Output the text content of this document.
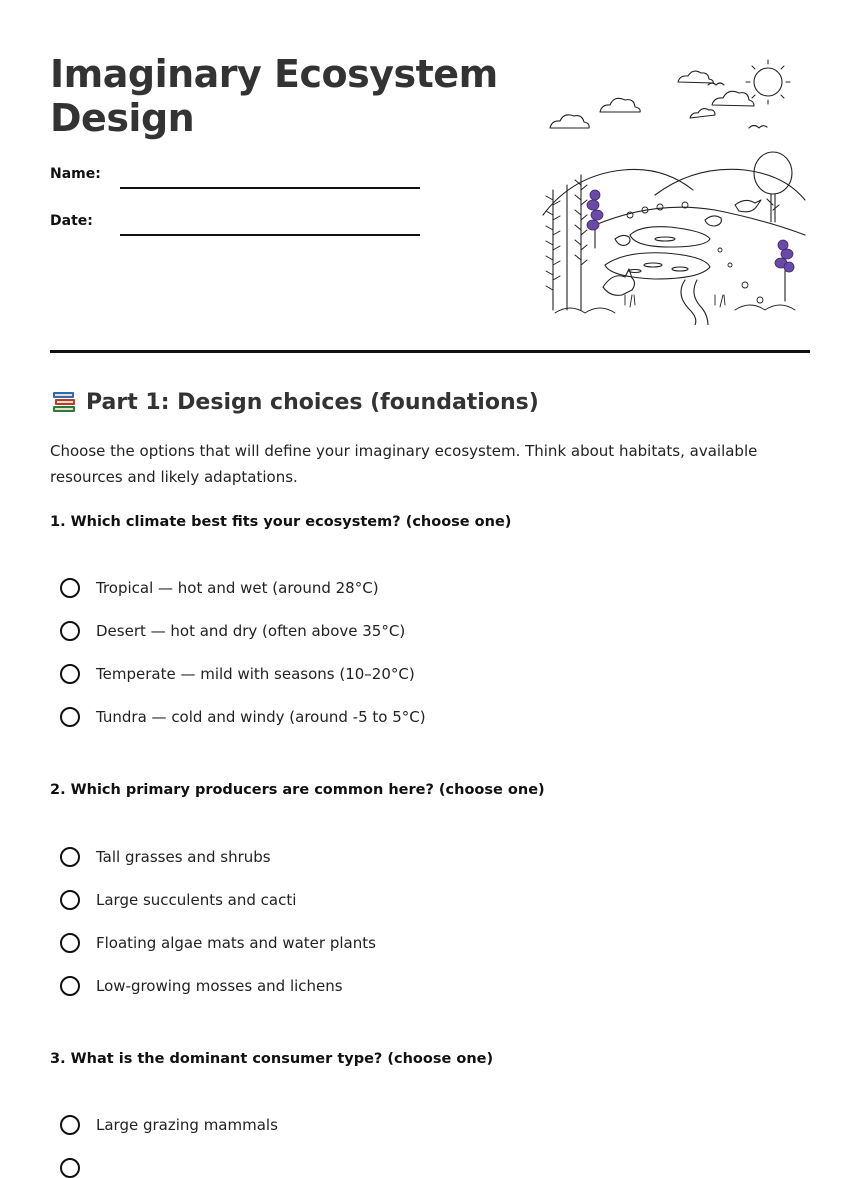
Imaginary Ecosystem Design
Name:
Date:
Part 1: Design choices (foundations)
Choose the options that will define your imaginary ecosystem. Think about habitats, available resources and likely adaptations.
1. Which climate best fits your ecosystem? (choose one)
Tropical — hot and wet (around 28°C)
Desert — hot and dry (often above 35°C)
Temperate — mild with seasons (10–20°C)
Tundra — cold and windy (around -5 to 5°C)
2. Which primary producers are common here? (choose one)
Tall grasses and shrubs
Large succulents and cacti
Floating algae mats and water plants
Low-growing mosses and lichens
3. What is the dominant consumer type? (choose one)
Large grazing mammals
